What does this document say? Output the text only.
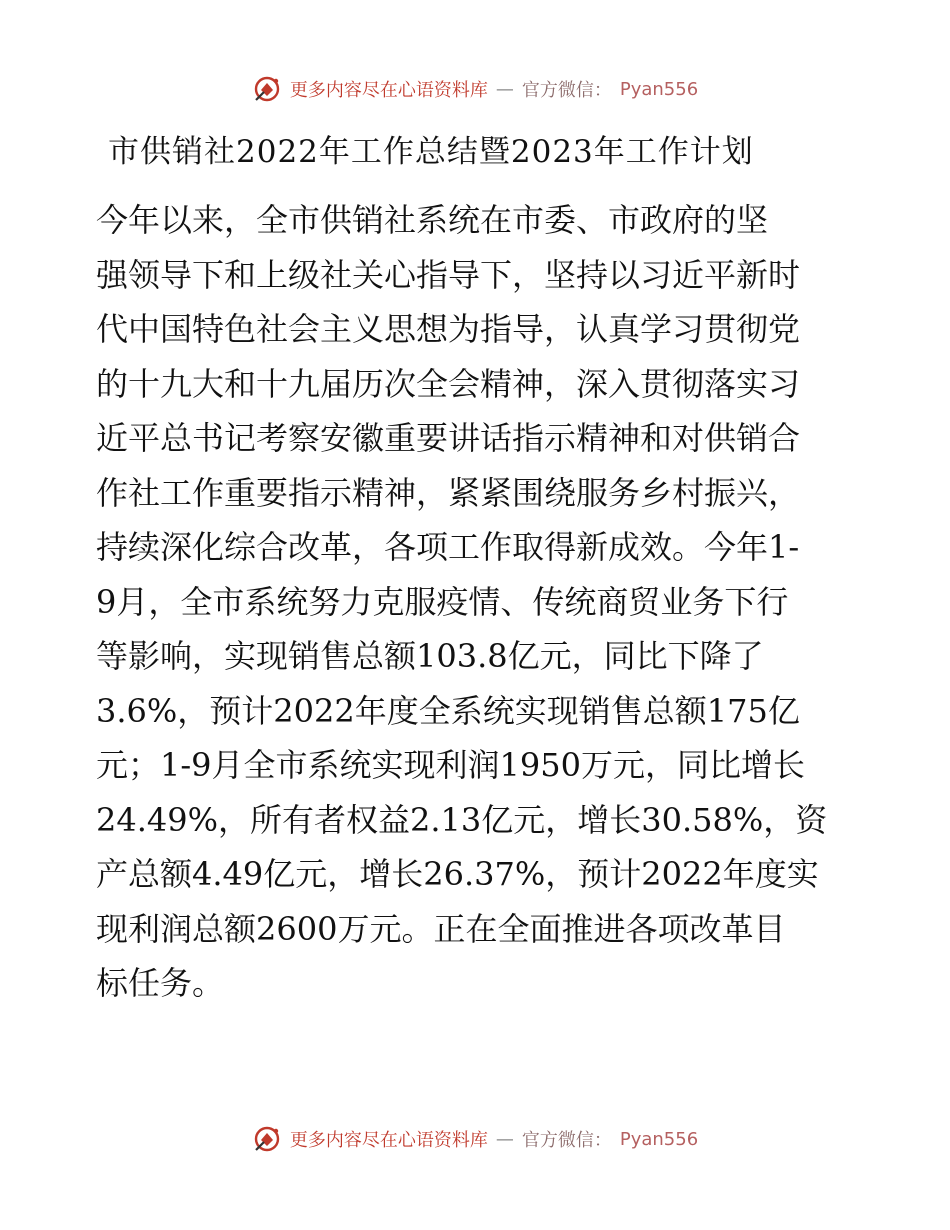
更多内容尽在心语资料库 — 官方微信： Pyan556
市供销社2022年工作总结暨2023年工作计划
今年以来，全市供销社系统在市委、市政府的坚
强领导下和上级社关心指导下，坚持以习近平新时
代中国特色社会主义思想为指导，认真学习贯彻党
的十九大和十九届历次全会精神，深入贯彻落实习
近平总书记考察安徽重要讲话指示精神和对供销合
作社工作重要指示精神，紧紧围绕服务乡村振兴，
持续深化综合改革，各项工作取得新成效。今年1-
9月，全市系统努力克服疫情、传统商贸业务下行
等影响，实现销售总额103.8亿元，同比下降了
3.6%，预计2022年度全系统实现销售总额175亿
元；1-9月全市系统实现利润1950万元，同比增长
24.49%，所有者权益2.13亿元，增长30.58%，资
产总额4.49亿元，增长26.37%，预计2022年度实
现利润总额2600万元。正在全面推进各项改革目
标任务。
更多内容尽在心语资料库 — 官方微信： Pyan556
